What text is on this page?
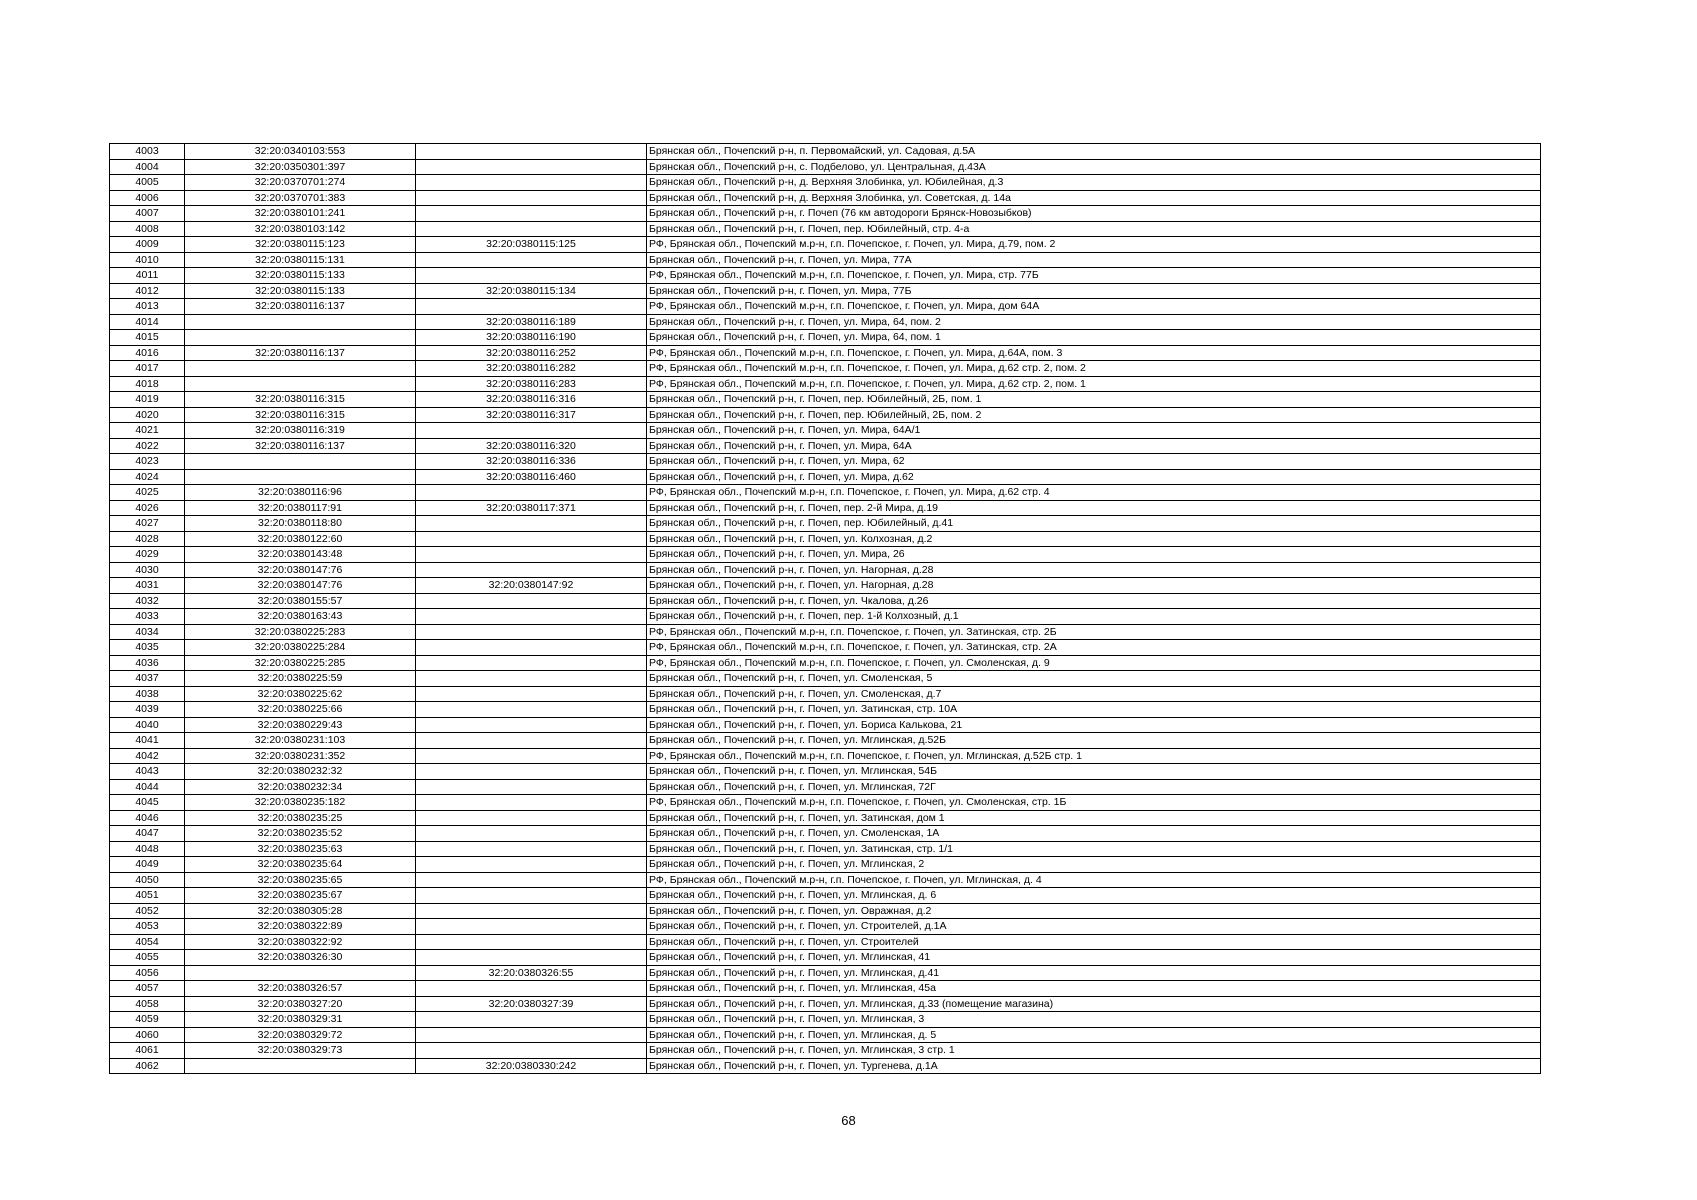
4003	32:20:0340103:553		Брянская обл., Почепский р-н, п. Первомайский, ул. Садовая, д.5А
4004	32:20:0350301:397		Брянская обл., Почепский р-н, с. Подбелово, ул. Центральная, д.43А
4005	32:20:0370701:274		Брянская обл., Почепский р-н, д. Верхняя Злобинка, ул. Юбилейная, д.3
4006	32:20:0370701:383		Брянская обл., Почепский р-н, д. Верхняя Злобинка, ул. Советская, д. 14а
4007	32:20:0380101:241		Брянская обл., Почепский р-н, г. Почеп (76 км автодороги Брянск-Новозыбков)
4008	32:20:0380103:142		Брянская обл., Почепский р-н, г. Почеп, пер. Юбилейный, стр. 4-а
4009	32:20:0380115:123	32:20:0380115:125	РФ, Брянская обл., Почепский м.р-н, г.п. Почепское, г. Почеп, ул. Мира, д.79, пом. 2
4010	32:20:0380115:131		Брянская обл., Почепский р-н, г. Почеп, ул. Мира, 77А
4011	32:20:0380115:133		РФ, Брянская обл., Почепский м.р-н, г.п. Почепское, г. Почеп, ул. Мира, стр. 77Б
4012	32:20:0380115:133	32:20:0380115:134	Брянская обл., Почепский р-н, г. Почеп, ул. Мира, 77Б
4013	32:20:0380116:137		РФ, Брянская обл., Почепский м.р-н, г.п. Почепское, г. Почеп, ул. Мира, дом 64А
4014		32:20:0380116:189	Брянская обл., Почепский р-н, г. Почеп, ул. Мира, 64, пом. 2
4015		32:20:0380116:190	Брянская обл., Почепский р-н, г. Почеп, ул. Мира, 64, пом. 1
4016	32:20:0380116:137	32:20:0380116:252	РФ, Брянская обл., Почепский м.р-н, г.п. Почепское, г. Почеп, ул. Мира, д.64А, пом. 3
4017		32:20:0380116:282	РФ, Брянская обл., Почепский м.р-н, г.п. Почепское, г. Почеп, ул. Мира, д.62 стр. 2, пом. 2
4018		32:20:0380116:283	РФ, Брянская обл., Почепский м.р-н, г.п. Почепское, г. Почеп, ул. Мира, д.62 стр. 2, пом. 1
4019	32:20:0380116:315	32:20:0380116:316	Брянская обл., Почепский р-н, г. Почеп, пер. Юбилейный, 2Б, пом. 1
4020	32:20:0380116:315	32:20:0380116:317	Брянская обл., Почепский р-н, г. Почеп, пер. Юбилейный, 2Б, пом. 2
4021	32:20:0380116:319		Брянская обл., Почепский р-н, г. Почеп, ул. Мира, 64А/1
4022	32:20:0380116:137	32:20:0380116:320	Брянская обл., Почепский р-н, г. Почеп, ул. Мира, 64А
4023		32:20:0380116:336	Брянская обл., Почепский р-н, г. Почеп, ул. Мира, 62
4024		32:20:0380116:460	Брянская обл., Почепский р-н, г. Почеп, ул. Мира, д.62
4025	32:20:0380116:96		РФ, Брянская обл., Почепский м.р-н, г.п. Почепское, г. Почеп, ул. Мира, д.62 стр. 4
4026	32:20:0380117:91	32:20:0380117:371	Брянская обл., Почепский р-н, г. Почеп, пер. 2-й Мира, д.19
4027	32:20:0380118:80		Брянская обл., Почепский р-н, г. Почеп, пер. Юбилейный, д.41
4028	32:20:0380122:60		Брянская обл., Почепский р-н, г. Почеп, ул. Колхозная, д.2
4029	32:20:0380143:48		Брянская обл., Почепский р-н, г. Почеп, ул. Мира, 26
4030	32:20:0380147:76		Брянская обл., Почепский р-н, г. Почеп, ул. Нагорная, д.28
4031	32:20:0380147:76	32:20:0380147:92	Брянская обл., Почепский р-н, г. Почеп, ул. Нагорная, д.28
4032	32:20:0380155:57		Брянская обл., Почепский р-н, г. Почеп, ул. Чкалова, д.26
4033	32:20:0380163:43		Брянская обл., Почепский р-н, г. Почеп, пер. 1-й Колхозный, д.1
4034	32:20:0380225:283		РФ, Брянская обл., Почепский м.р-н, г.п. Почепское, г. Почеп, ул. Затинская, стр. 2Б
4035	32:20:0380225:284		РФ, Брянская обл., Почепский м.р-н, г.п. Почепское, г. Почеп, ул. Затинская, стр. 2А
4036	32:20:0380225:285		РФ, Брянская обл., Почепский м.р-н, г.п. Почепское, г. Почеп, ул. Смоленская, д. 9
4037	32:20:0380225:59		Брянская обл., Почепский р-н, г. Почеп, ул. Смоленская, 5
4038	32:20:0380225:62		Брянская обл., Почепский р-н, г. Почеп, ул. Смоленская, д.7
4039	32:20:0380225:66		Брянская обл., Почепский р-н, г. Почеп, ул. Затинская, стр. 10А
4040	32:20:0380229:43		Брянская обл., Почепский р-н, г. Почеп, ул. Бориса Калькова, 21
4041	32:20:0380231:103		Брянская обл., Почепский р-н, г. Почеп, ул. Мглинская, д.52Б
4042	32:20:0380231:352		РФ, Брянская обл., Почепский м.р-н, г.п. Почепское, г. Почеп, ул. Мглинская, д.52Б стр. 1
4043	32:20:0380232:32		Брянская обл., Почепский р-н, г. Почеп, ул. Мглинская, 54Б
4044	32:20:0380232:34		Брянская обл., Почепский р-н, г. Почеп, ул. Мглинская, 72Г
4045	32:20:0380235:182		РФ, Брянская обл., Почепский м.р-н, г.п. Почепское, г. Почеп, ул. Смоленская, стр. 1Б
4046	32:20:0380235:25		Брянская обл., Почепский р-н, г. Почеп, ул. Затинская, дом 1
4047	32:20:0380235:52		Брянская обл., Почепский р-н, г. Почеп, ул. Смоленская, 1А
4048	32:20:0380235:63		Брянская обл., Почепский р-н, г. Почеп, ул. Затинская, стр. 1/1
4049	32:20:0380235:64		Брянская обл., Почепский р-н, г. Почеп, ул. Мглинская, 2
4050	32:20:0380235:65		РФ, Брянская обл., Почепский м.р-н, г.п. Почепское, г. Почеп, ул. Мглинская, д. 4
4051	32:20:0380235:67		Брянская обл., Почепский р-н, г. Почеп, ул. Мглинская, д. 6
4052	32:20:0380305:28		Брянская обл., Почепский р-н, г. Почеп, ул. Овражная, д.2
4053	32:20:0380322:89		Брянская обл., Почепский р-н, г. Почеп, ул. Строителей, д.1А
4054	32:20:0380322:92		Брянская обл., Почепский р-н, г. Почеп, ул. Строителей
4055	32:20:0380326:30		Брянская обл., Почепский р-н, г. Почеп, ул. Мглинская, 41
4056		32:20:0380326:55	Брянская обл., Почепский р-н, г. Почеп, ул. Мглинская, д.41
4057	32:20:0380326:57		Брянская обл., Почепский р-н, г. Почеп, ул. Мглинская, 45а
4058	32:20:0380327:20	32:20:0380327:39	Брянская обл., Почепский р-н, г. Почеп, ул. Мглинская, д.33 (помещение магазина)
4059	32:20:0380329:31		Брянская обл., Почепский р-н, г. Почеп, ул. Мглинская, 3
4060	32:20:0380329:72		Брянская обл., Почепский р-н, г. Почеп, ул. Мглинская, д. 5
4061	32:20:0380329:73		Брянская обл., Почепский р-н, г. Почеп, ул. Мглинская, 3 стр. 1
4062		32:20:0380330:242	Брянская обл., Почепский р-н, г. Почеп, ул. Тургенева, д.1А
68
